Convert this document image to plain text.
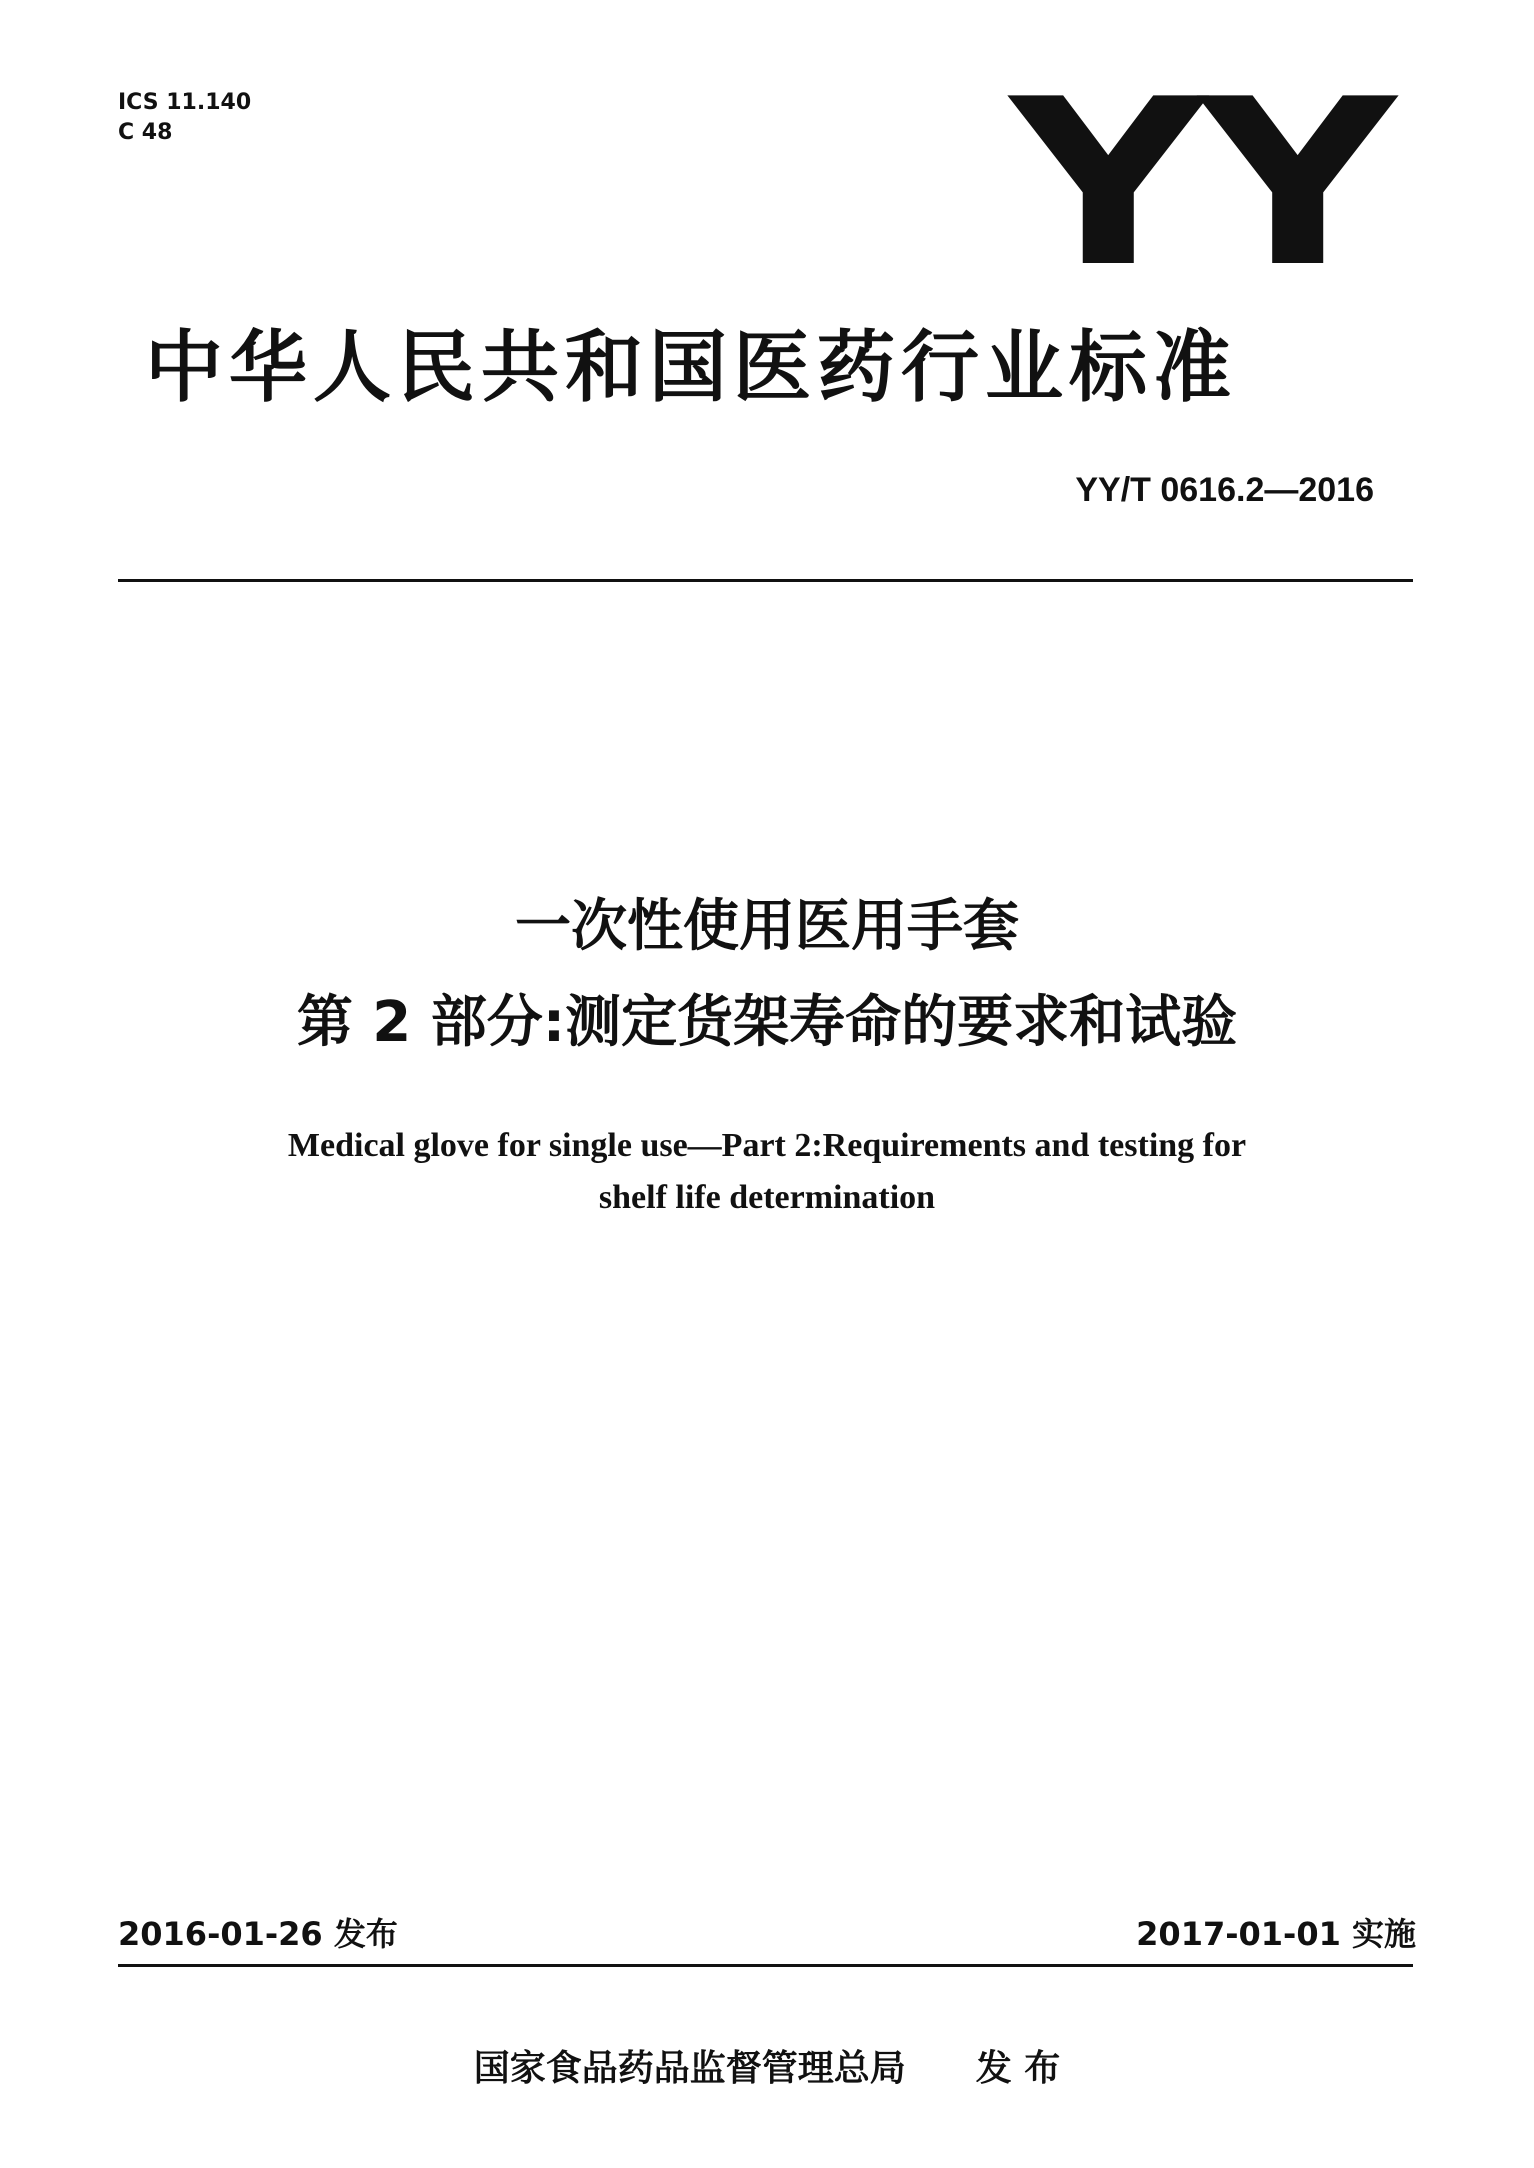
ICS 11.140
C 48	YY
中华人民共和国医药行业标准
YY/T 0616.2—2016
一次性使用医用手套
第 2 部分:测定货架寿命的要求和试验
Medical glove for single use—Part 2:Requirements and testing for
shelf life determination
2016-01-26 发布	2017-01-01 实施
国家食品药品监督管理总局 发 布
